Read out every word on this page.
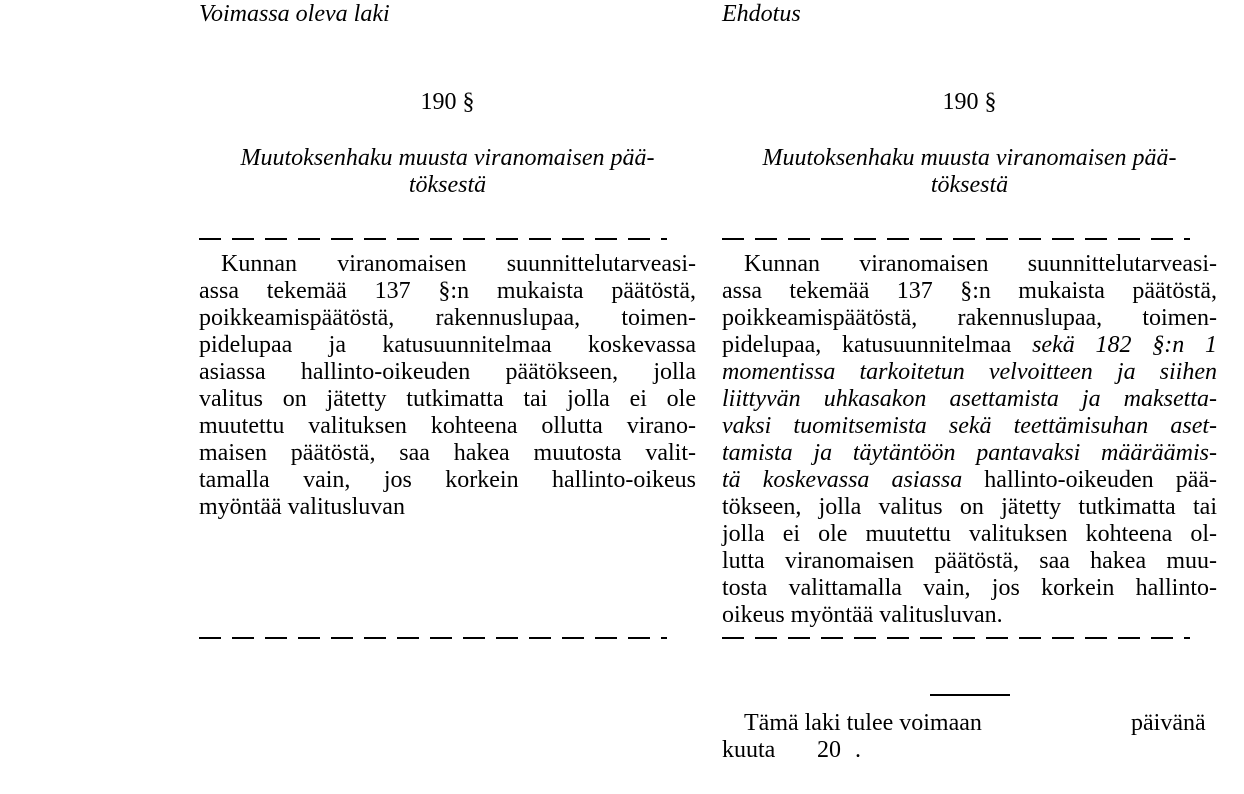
Voimassa oleva laki
190 §
Muutoksenhaku muusta viranomaisen pää-
töksestä
Kunnan viranomaisen suunnittelutarveasi-
assa tekemää 137 §:n mukaista päätöstä,
poikkeamispäätöstä, rakennuslupaa, toimen-
pidelupaa ja katusuunnitelmaa koskevassa
asiassa hallinto-oikeuden päätökseen, jolla
valitus on jätetty tutkimatta tai jolla ei ole
muutettu valituksen kohteena ollutta virano-
maisen päätöstä, saa hakea muutosta valit-
tamalla vain, jos korkein hallinto-oikeus
myöntää valitusluvan
Ehdotus
190 §
Muutoksenhaku muusta viranomaisen pää-
töksestä
Kunnan viranomaisen suunnittelutarveasi-
assa tekemää 137 §:n mukaista päätöstä,
poikkeamispäätöstä, rakennuslupaa, toimen-
pidelupaa, katusuunnitelmaa sekä 182 §:n 1
momentissa tarkoitetun velvoitteen ja siihen
liittyvän uhkasakon asettamista ja maksetta-
vaksi tuomitsemista sekä teettämisuhan aset-
tamista ja täytäntöön pantavaksi määräämis-
tä koskevassa asiassa hallinto-oikeuden pää-
tökseen, jolla valitus on jätetty tutkimatta tai
jolla ei ole muutettu valituksen kohteena ol-
lutta viranomaisen päätöstä, saa hakea muu-
tosta valittamalla vain, jos korkein hallinto-
oikeus myöntää valitusluvan.
Tämä laki tulee voimaan	päivänä
kuuta 20 .
